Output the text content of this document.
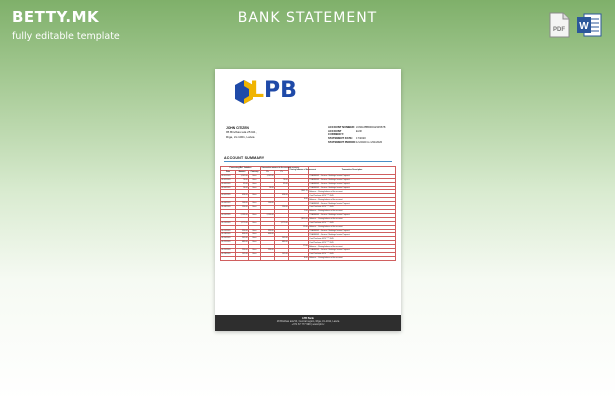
BETTY.MK
fully editable template
BANK STATEMENT
PDF W
LPB
JOHN CITIZEN
95 Brivibas iela 25 Rd.,
Riga, LV-1001, Latvia
ACCOUNT NUMBER: LV60LPBB00012345678
ACCOUNT CURRENCY:
EUR
STATEMENT DATE:	17/2020
STATEMENT PERIOD: 1/1/2020 to 1/31/2020
ACCOUNT SUMMARY
Processing/Ref. Variation			Transaction amount in the account currency		Closing balance of the account	Transaction Description
Date	Amount	Currency	Dr	Cr		
01/01/2020	1,141.00	Euro	1,141.00			TRANSFER – Service / Bookings Invoice Payment
01/02/2020	76.00	Euro		76.00		TRANSFER – Service / Bookings Invoice Payment
01/03/2020	32.00	Euro		32.00		TRANSFER – Service / Bookings Invoice Payment
01/04/2020	16.00	Euro	16.00			TRANSFER – Service / Bookings Invoice Payment
					7,845.15	Balance – Closing balance of the account
01/05/2020	496.00	Euro		496.00		Card Purchase 4570 **** 2045
					6.00	Balance – Closing balance of the account
01/06/2020	100.00	Euro	100.00			TRANSFER – Service / Bookings Invoice Payment
01/08/2020	190.00	Euro		190.00		Card Purchase 4570 **** 2045
					1.00	Balance – Closing balance of the account
01/10/2020	2,133.00	Euro	2,133.00			TRANSFER – Service / Bookings Invoice Payment
					7,812.00	Balance – Closing balance of the account
01/13/2020	1,171.00	Euro		1,171.00		Card Purchase 4570 **** 2045
					12.60	Balance – Closing balance of the account
01/15/2020	990.00	Euro	990.00			TRANSFER – Service / Bookings Invoice Payment
01/18/2020	600.00	Euro	600.00			TRANSFER – Service / Bookings Invoice Payment
01/20/2020	201.00	Euro		201.00		Card Purchase 4570 **** 2045
01/22/2020	689.00	Euro		689.00		Card Purchase 4570 **** 2045
					17.00	Balance – Closing balance of the account
01/25/2020	290.00	Euro	290.00			TRANSFER – Service / Bookings Invoice Payment
01/28/2020	101.00	Euro		101.00		Card Purchase 4570 **** 2045
					8.00	Balance – Closing balance of the account
LPB Bank
18 Brivibas iela 54, Central region, Riga, LV-1011, Latvia
+371 67 777 999 | www.lpb.lv
